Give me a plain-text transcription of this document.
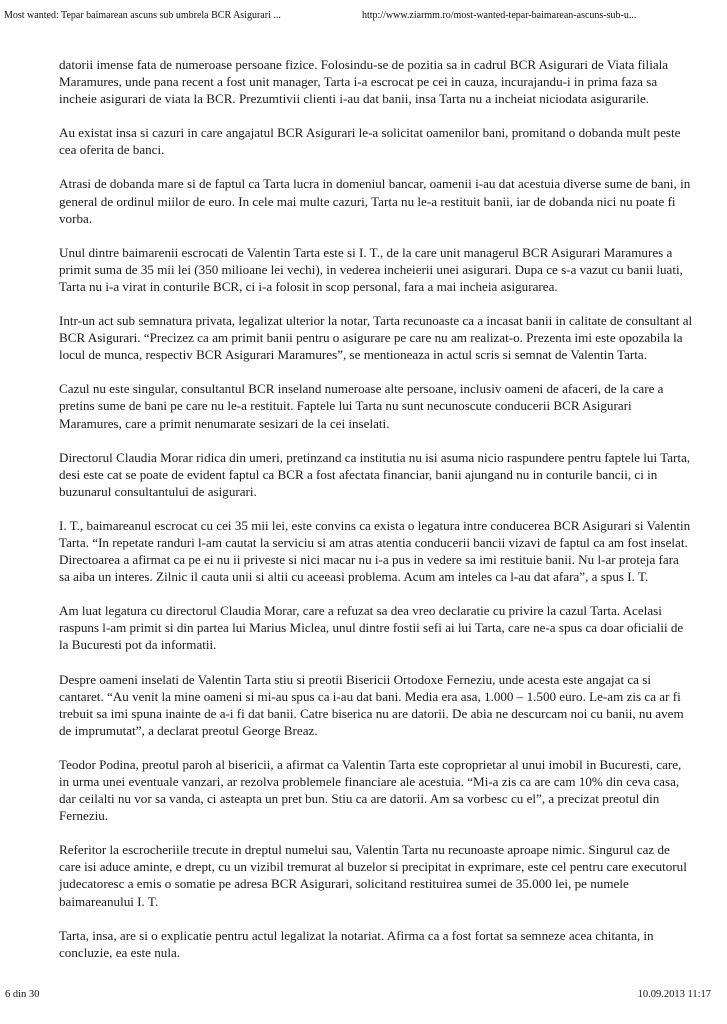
Most wanted: Tepar baimarean ascuns sub umbrela BCR Asigurari ...	http://www.ziarmm.ro/most-wanted-tepar-baimarean-ascuns-sub-u...

datorii imense fata de numeroase persoane fizice. Folosindu-se de pozitia sa in cadrul BCR Asigurari de Viata filiala Maramures, unde pana recent a fost unit manager, Tarta i-a escrocat pe cei in cauza, incurajandu-i in prima faza sa incheie asigurari de viata la BCR. Prezumtivii clienti i-au dat banii, insa Tarta nu a incheiat niciodata asigurarile.

Au existat insa si cazuri in care angajatul BCR Asigurari le-a solicitat oamenilor bani, promitand o dobanda mult peste cea oferita de banci.

Atrasi de dobanda mare si de faptul ca Tarta lucra in domeniul bancar, oamenii i-au dat acestuia diverse sume de bani, in general de ordinul miilor de euro. In cele mai multe cazuri, Tarta nu le-a restituit banii, iar de dobanda nici nu poate fi vorba.

Unul dintre baimarenii escrocati de Valentin Tarta este si I. T., de la care unit managerul BCR Asigurari Maramures a primit suma de 35 mii lei (350 milioane lei vechi), in vederea incheierii unei asigurari. Dupa ce s-a vazut cu banii luati, Tarta nu i-a virat in conturile BCR, ci i-a folosit in scop personal, fara a mai incheia asigurarea.

Intr-un act sub semnatura privata, legalizat ulterior la notar, Tarta recunoaste ca a incasat banii in calitate de consultant al BCR Asigurari. “Precizez ca am primit banii pentru o asigurare pe care nu am realizat-o. Prezenta imi este opozabila la locul de munca, respectiv BCR Asigurari Maramures”, se mentioneaza in actul scris si semnat de Valentin Tarta.

Cazul nu este singular, consultantul BCR inseland numeroase alte persoane, inclusiv oameni de afaceri, de la care a pretins sume de bani pe care nu le-a restituit. Faptele lui Tarta nu sunt necunoscute conducerii BCR Asigurari Maramures, care a primit nenumarate sesizari de la cei inselati.

Directorul Claudia Morar ridica din umeri, pretinzand ca institutia nu isi asuma nicio raspundere pentru faptele lui Tarta, desi este cat se poate de evident faptul ca BCR a fost afectata financiar, banii ajungand nu in conturile bancii, ci in buzunarul consultantului de asigurari.

I. T., baimareanul escrocat cu cei 35 mii lei, este convins ca exista o legatura intre conducerea BCR Asigurari si Valentin Tarta. “In repetate randuri l-am cautat la serviciu si am atras atentia conducerii bancii vizavi de faptul ca am fost inselat. Directoarea a afirmat ca pe ei nu ii priveste si nici macar nu i-a pus in vedere sa imi restituie banii. Nu l-ar proteja fara sa aiba un interes. Zilnic il cauta unii si altii cu aceeasi problema. Acum am inteles ca l-au dat afara”, a spus I. T.

Am luat legatura cu directorul Claudia Morar, care a refuzat sa dea vreo declaratie cu privire la cazul Tarta. Acelasi raspuns l-am primit si din partea lui Marius Miclea, unul dintre fostii sefi ai lui Tarta, care ne-a spus ca doar oficialii de la Bucuresti pot da informatii.

Despre oameni inselati de Valentin Tarta stiu si preotii Bisericii Ortodoxe Ferneziu, unde acesta este angajat ca si cantaret. “Au venit la mine oameni si mi-au spus ca i-au dat bani. Media era asa, 1.000 – 1.500 euro. Le-am zis ca ar fi trebuit sa imi spuna inainte de a-i fi dat banii. Catre biserica nu are datorii. De abia ne descurcam noi cu banii, nu avem de imprumutat”, a declarat preotul George Breaz.

Teodor Podina, preotul paroh al bisericii, a afirmat ca Valentin Tarta este coproprietar al unui imobil in Bucuresti, care, in urma unei eventuale vanzari, ar rezolva problemele financiare ale acestuia. “Mi-a zis ca are cam 10% din ceva casa, dar ceilalti nu vor sa vanda, ci asteapta un pret bun. Stiu ca are datorii. Am sa vorbesc cu el”, a precizat preotul din Ferneziu.

Referitor la escrocheriile trecute in dreptul numelui sau, Valentin Tarta nu recunoaste aproape nimic. Singurul caz de care isi aduce aminte, e drept, cu un vizibil tremurat al buzelor si precipitat in exprimare, este cel pentru care executorul judecatoresc a emis o somatie pe adresa BCR Asigurari, solicitand restituirea sumei de 35.000 lei, pe numele baimareanului I. T.

Tarta, insa, are si o explicatie pentru actul legalizat la notariat. Afirma ca a fost fortat sa semneze acea chitanta, in concluzie, ea este nula.

6 din 30	10.09.2013 11:17
